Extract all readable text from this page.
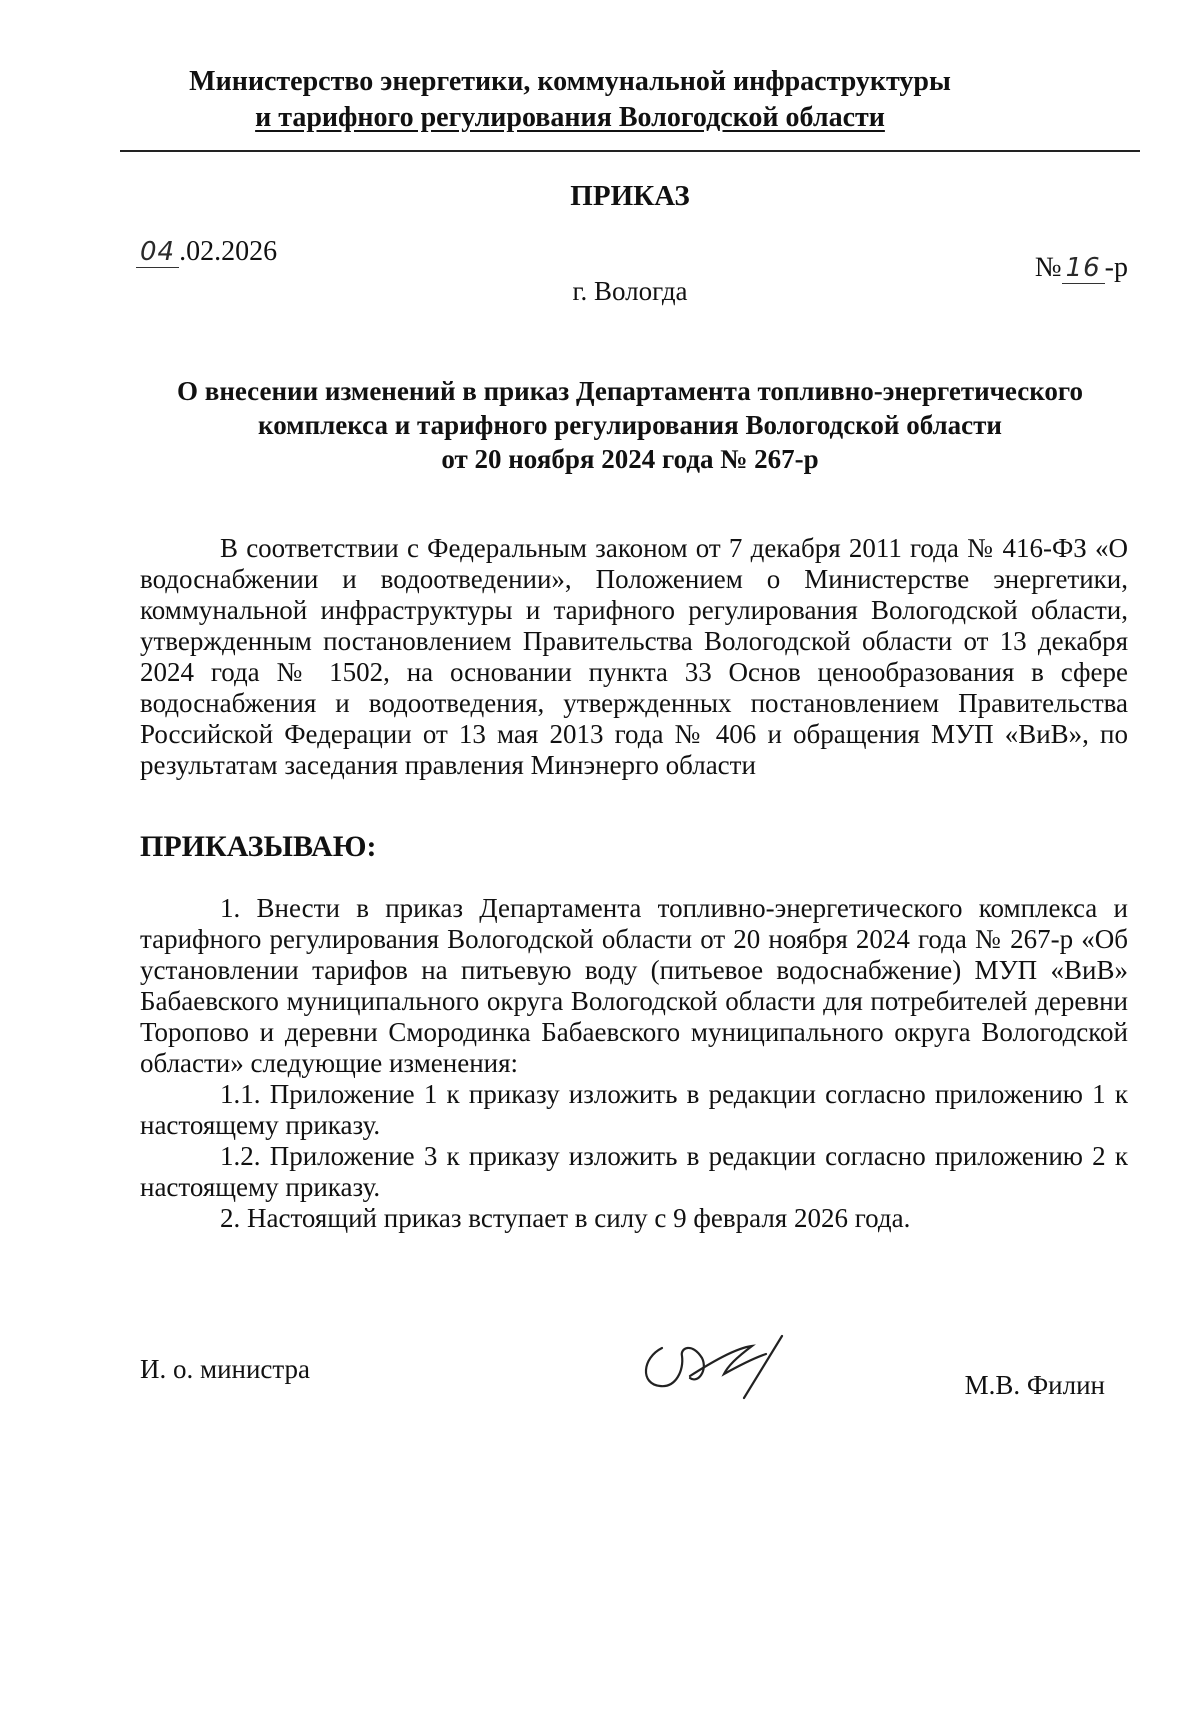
Министерство энергетики, коммунальной инфраструктуры
и тарифного регулирования Вологодской области
ПРИКАЗ
04 .02.2026
№ 16 -р
г. Вологда
О внесении изменений в приказ Департамента топливно-энергетического
комплекса и тарифного регулирования Вологодской области
от 20 ноября 2024 года № 267-р

В соответствии с Федеральным законом от 7 декабря 2011 года № 416-ФЗ «О водоснабжении и водоотведении», Положением о Министерстве энергетики, коммунальной инфраструктуры и тарифного регулирования Вологодской области, утвержденным постановлением Правительства Вологодской области от 13 декабря 2024 года № 1502, на основании пункта 33 Основ ценообразования в сфере водоснабжения и водоотведения, утвержденных постановлением Правительства Российской Федерации от 13 мая 2013 года № 406 и обращения МУП «ВиВ», по результатам заседания правления Минэнерго области

ПРИКАЗЫВАЮ:

1. Внести в приказ Департамента топливно-энергетического комплекса и тарифного регулирования Вологодской области от 20 ноября 2024 года № 267-р «Об установлении тарифов на питьевую воду (питьевое водоснабжение) МУП «ВиВ» Бабаевского муниципального округа Вологодской области для потребителей деревни Торопово и деревни Смородинка Бабаевского муниципального округа Вологодской области» следующие изменения:

1.1. Приложение 1 к приказу изложить в редакции согласно приложению 1 к настоящему приказу.

1.2. Приложение 3 к приказу изложить в редакции согласно приложению 2 к настоящему приказу.

2. Настоящий приказ вступает в силу с 9 февраля 2026 года.

И. о. министра
М.В. Филин
